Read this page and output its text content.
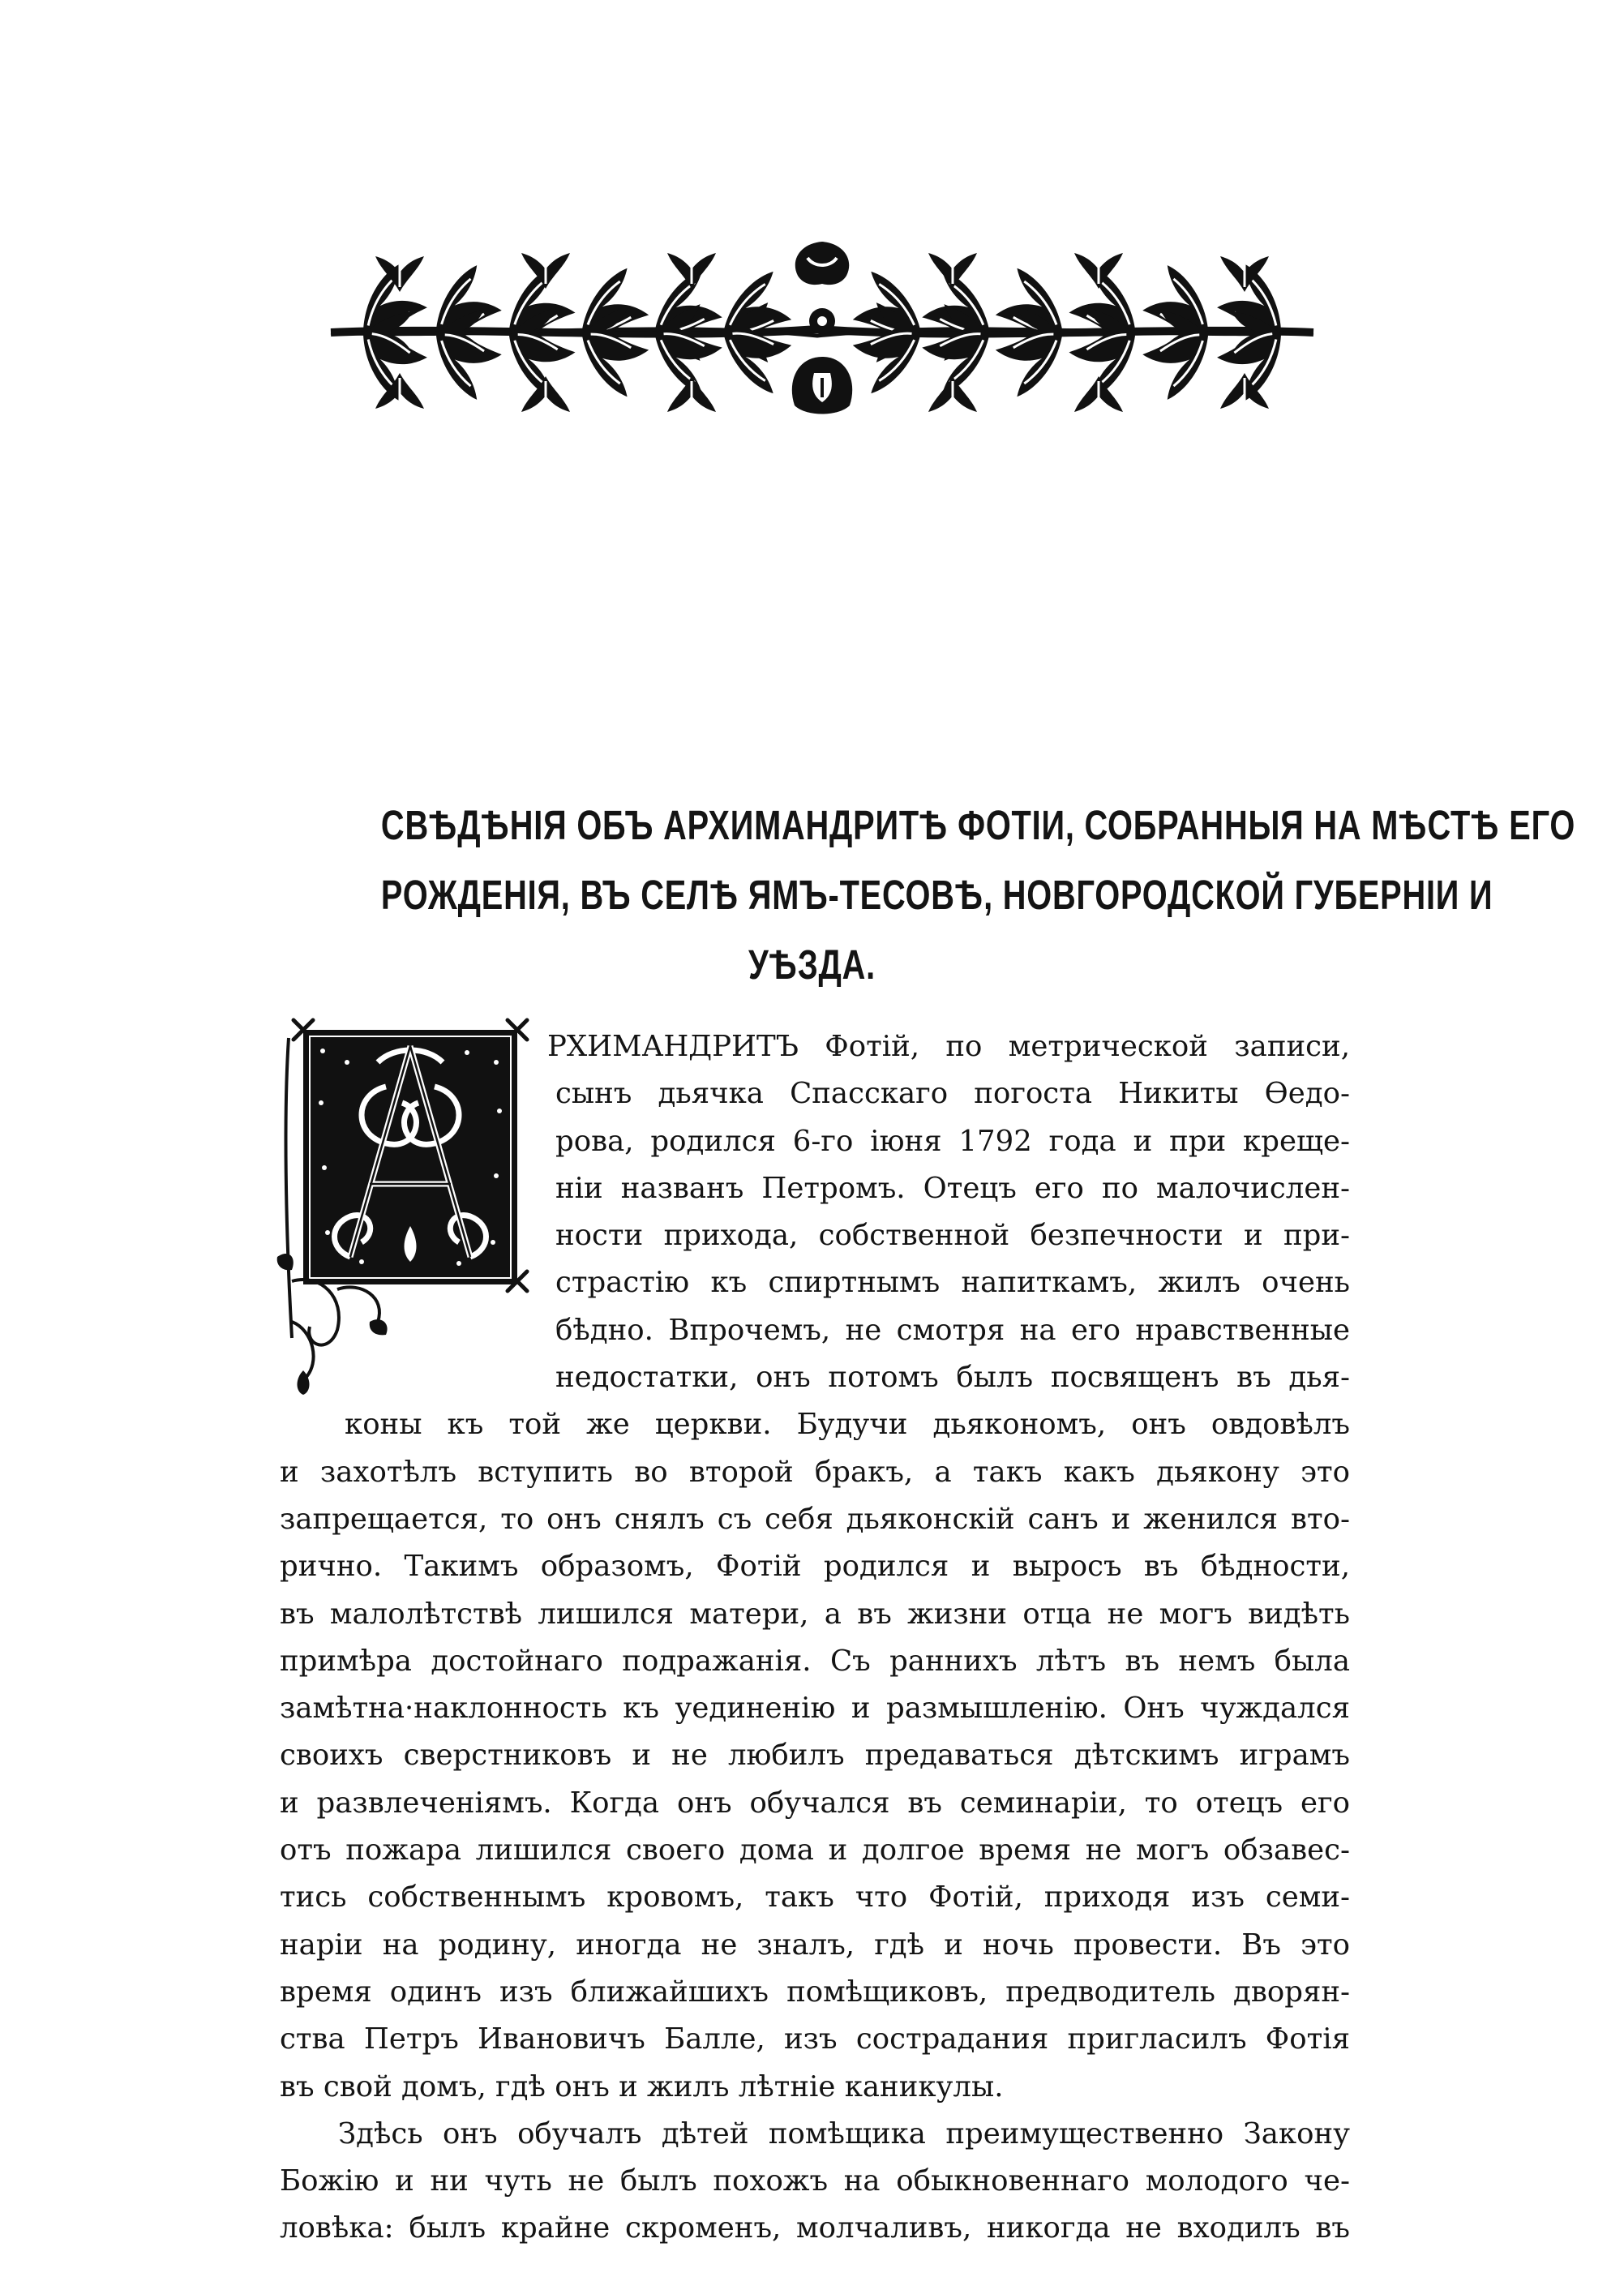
СВѢДѢНІЯ ОБЪ АРХИМАНДРИТѢ ФОТІИ, СОБРАННЫЯ НА МѢСТѢ ЕГО
РОЖДЕНІЯ, ВЪ СЕЛѢ ЯМЪ-ТЕСОВѢ, НОВГОРОДСКОЙ ГУБЕРНІИ И
УѢЗДА.
РХИМАНДРИТЪ Фотій, по метрической записи,
сынъ дьячка Спасскаго погоста Никиты Ѳедо-
рова, родился 6-го іюня 1792 года и при креще-
ніи названъ Петромъ. Отецъ его по малочислен-
ности прихода, собственной безпечности и при-
страстію къ спиртнымъ напиткамъ, жилъ очень
бѣдно. Впрочемъ, не смотря на его нравственные
недостатки, онъ потомъ былъ посвященъ въ дья-
коны къ той же церкви. Будучи дьякономъ, онъ овдовѣлъ
и захотѣлъ вступить во второй бракъ, а такъ какъ дьякону это
запрещается, то онъ снялъ съ себя дьяконскій санъ и женился вто-
рично. Такимъ образомъ, Фотій родился и выросъ въ бѣдности,
въ малолѣтствѣ лишился матери, а въ жизни отца не могъ видѣть
примѣра достойнаго подражанія. Съ раннихъ лѣтъ въ немъ была
замѣтна·наклонность къ уединенію и размышленію. Онъ чуждался
своихъ сверстниковъ и не любилъ предаваться дѣтскимъ играмъ
и развлеченіямъ. Когда онъ обучался въ семинаріи, то отецъ его
отъ пожара лишился своего дома и долгое время не могъ обзавес-
тись собственнымъ кровомъ, такъ что Фотій, приходя изъ семи-
наріи на родину, иногда не зналъ, гдѣ и ночь провести. Въ это
время одинъ изъ ближайшихъ помѣщиковъ, предводитель дворян-
ства Петръ Ивановичъ Балле, изъ сострадания пригласилъ Фотія
въ свой домъ, гдѣ онъ и жилъ лѣтніе каникулы.
Здѣсь онъ обучалъ дѣтей помѣщика преимущественно Закону
Божію и ни чуть не былъ похожъ на обыкновеннаго молодого че-
ловѣка: былъ крайне скроменъ, молчаливъ, никогда не входилъ въ
